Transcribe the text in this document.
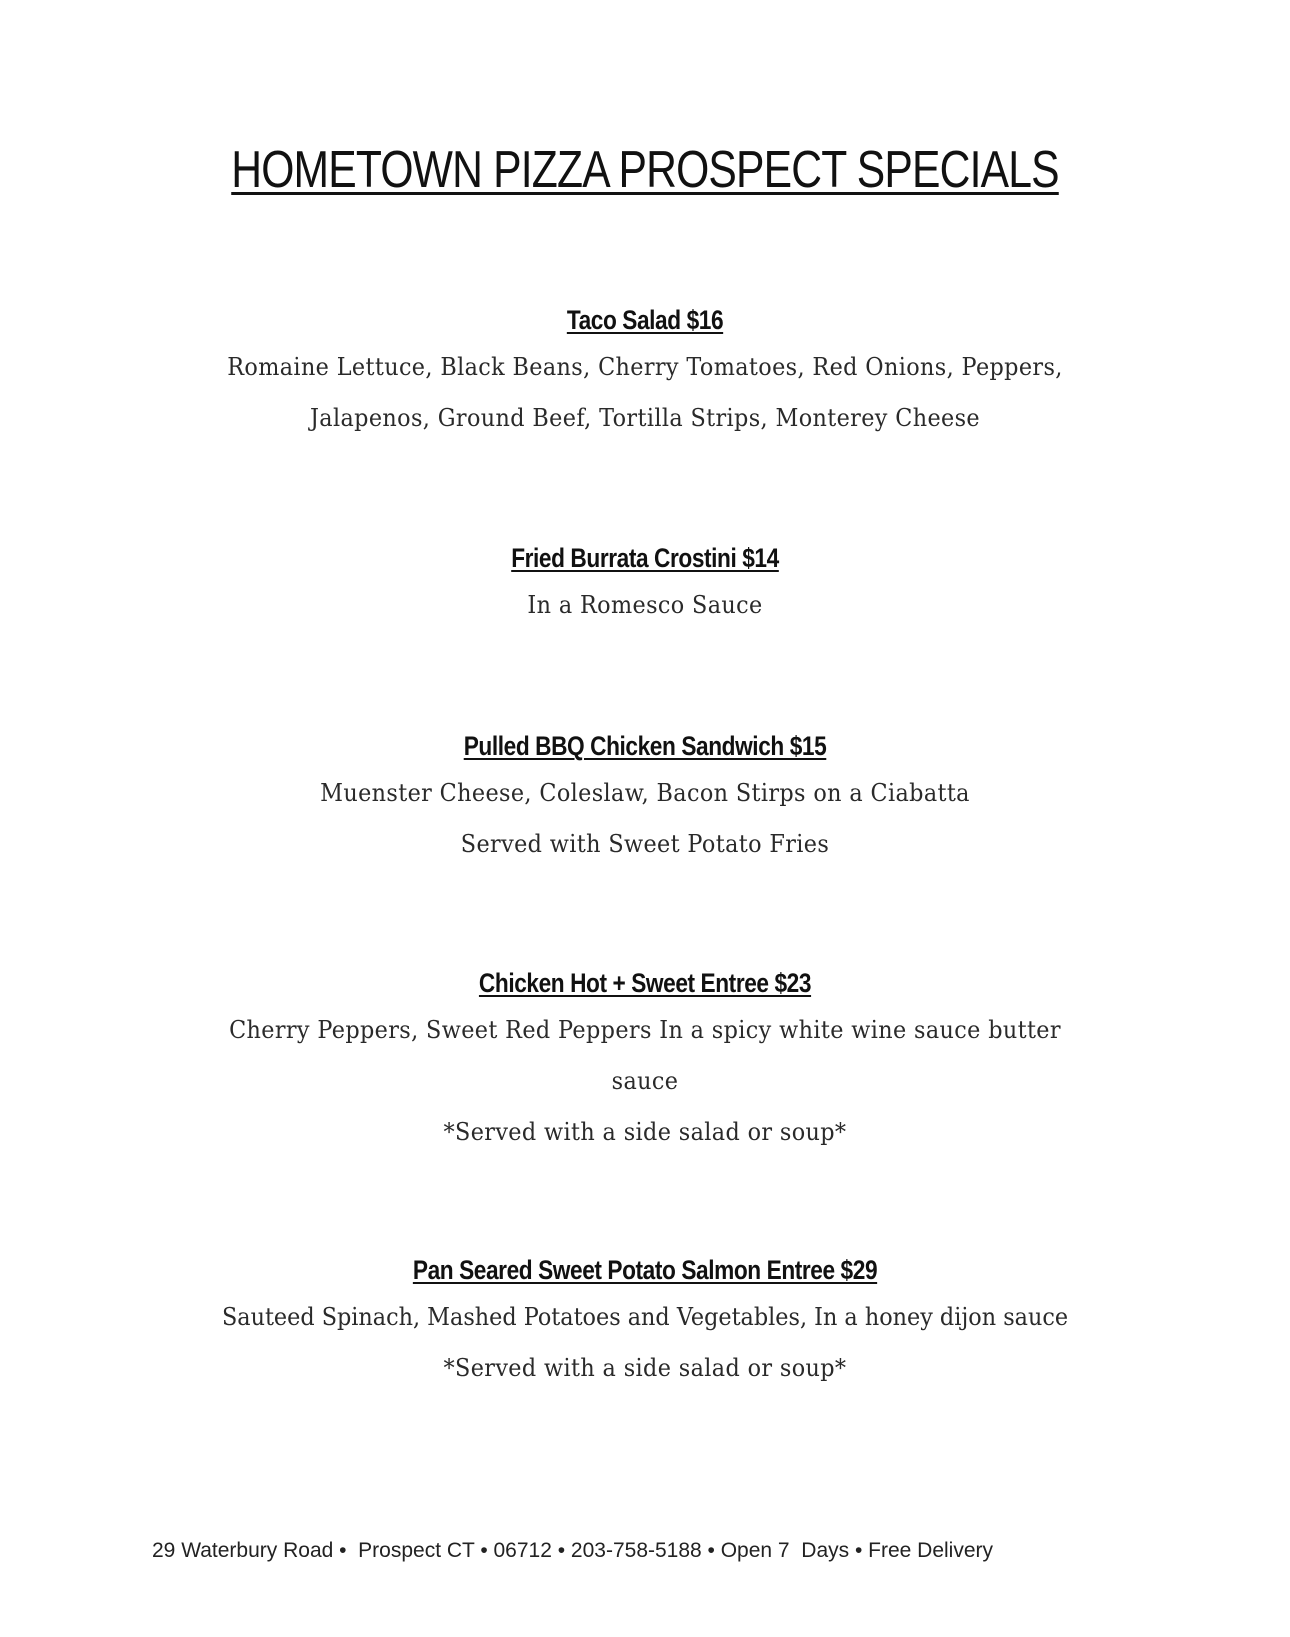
HOMETOWN PIZZA PROSPECT SPECIALS
Taco Salad $16
Romaine Lettuce, Black Beans, Cherry Tomatoes, Red Onions, Peppers,
Jalapenos, Ground Beef, Tortilla Strips, Monterey Cheese
Fried Burrata Crostini $14
In a Romesco Sauce
Pulled BBQ Chicken Sandwich $15
Muenster Cheese, Coleslaw, Bacon Stirps on a Ciabatta
Served with Sweet Potato Fries
Chicken Hot + Sweet Entree $23
Cherry Peppers, Sweet Red Peppers In a spicy white wine sauce butter
sauce
*Served with a side salad or soup*
Pan Seared Sweet Potato Salmon Entree $29
Sauteed Spinach, Mashed Potatoes and Vegetables, In a honey dijon sauce
*Served with a side salad or soup*

29 Waterbury Road •  Prospect CT • 06712 • 203-758-5188 • Open 7  Days • Free Delivery
